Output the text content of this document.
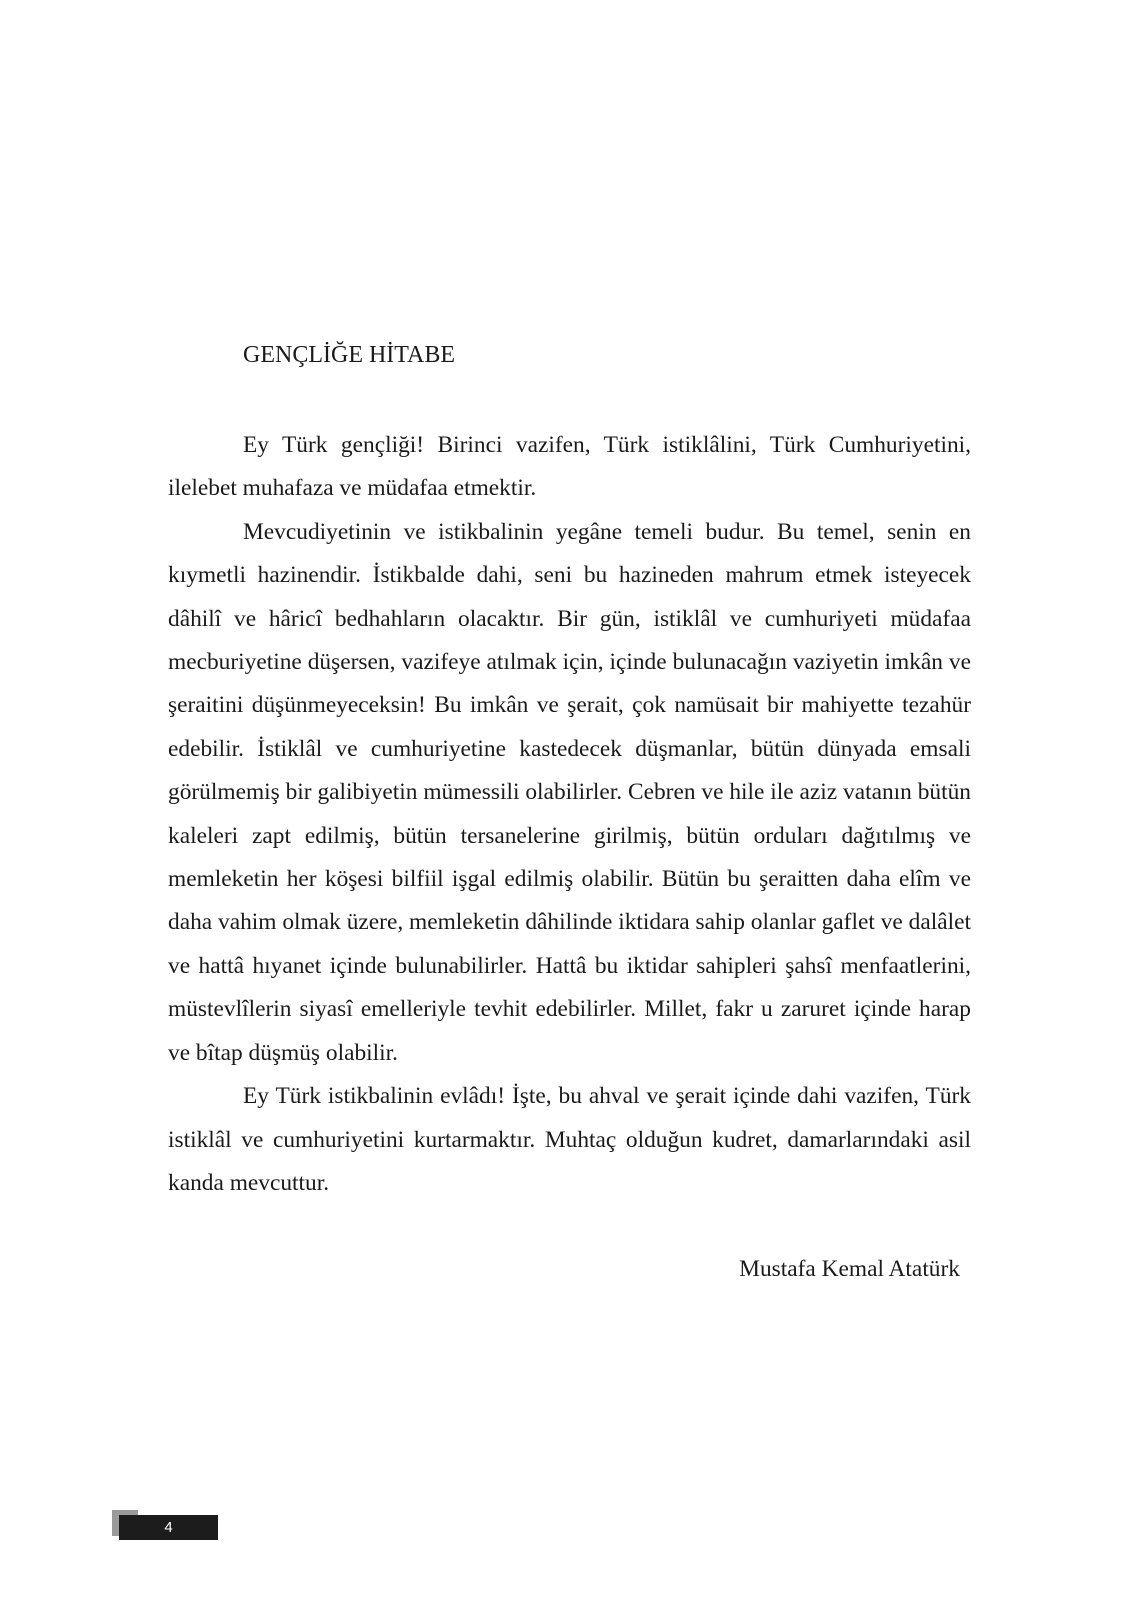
GENÇLİĞE HİTABE

Ey Türk gençliği! Birinci vazifen, Türk istiklâlini, Türk Cumhuriyetini, ilelebet muhafaza ve müdafaa etmektir.

Mevcudiyetinin ve istikbalinin yegâne temeli budur. Bu temel, senin en kıymetli hazinendir. İstikbalde dahi, seni bu hazineden mahrum etmek isteyecek dâhilî ve hâricî bedhahların olacaktır. Bir gün, istiklâl ve cumhuriyeti müdafaa mecburiyetine düşersen, vazifeye atılmak için, içinde bulunacağın vaziyetin imkân ve şeraitini düşünmeyeceksin! Bu imkân ve şerait, çok namüsait bir mahiyette tezahür edebilir. İstiklâl ve cumhuriyetine kastedecek düşmanlar, bütün dünyada emsali görülmemiş bir galibiyetin mümessili olabilirler. Cebren ve hile ile aziz vatanın bütün kaleleri zapt edilmiş, bütün tersanelerine girilmiş, bütün orduları dağıtılmış ve memleketin her köşesi bilfiil işgal edilmiş olabilir. Bütün bu şeraitten daha elîm ve daha vahim olmak üzere, memleketin dâhilinde iktidara sahip olanlar gaflet ve dalâlet ve hattâ hıyanet içinde bulunabilirler. Hattâ bu iktidar sahipleri şahsî menfaatlerini, müstevlîlerin siyasî emelleriyle tevhit edebilirler. Millet, fakr u zaruret içinde harap ve bîtap düşmüş olabilir.

Ey Türk istikbalinin evlâdı! İşte, bu ahval ve şerait içinde dahi vazifen, Türk istiklâl ve cumhuriyetini kurtarmaktır. Muhtaç olduğun kudret, damarlarındaki asil kanda mevcuttur.

Mustafa Kemal Atatürk
4
